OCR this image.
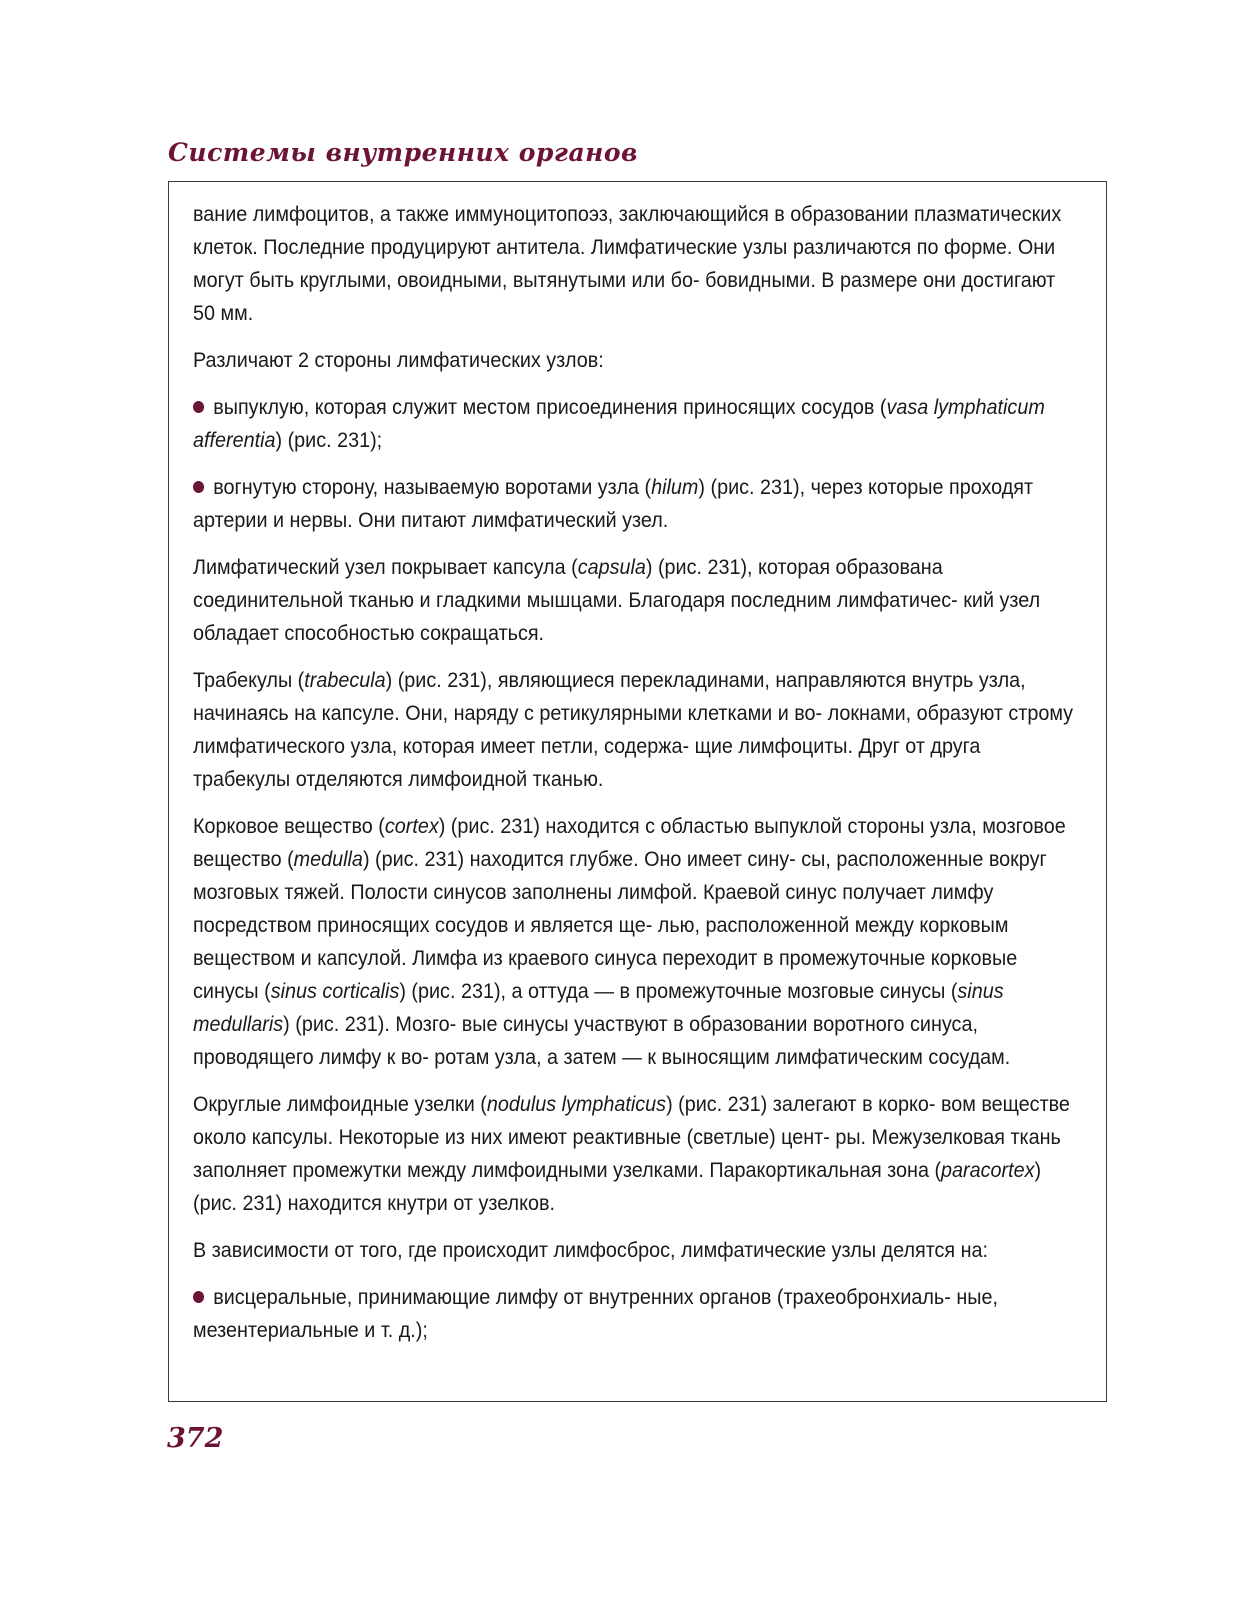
Системы внутренних органов

вание лимфоцитов, а также иммуноцитопоэз, заключающийся в образовании плазматических клеток. Последние продуцируют антитела. Лимфатические узлы различаются по форме. Они могут быть круглыми, овоидными, вытянутыми или бо- бовидными. В размере они достигают 50 мм.

Различают 2 стороны лимфатических узлов:

выпуклую, которая служит местом присоединения приносящих сосудов (vasa lymphaticum afferentia) (рис. 231);

вогнутую сторону, называемую воротами узла (hilum) (рис. 231), через которые проходят артерии и нервы. Они питают лимфатический узел.

Лимфатический узел покрывает капсула (capsula) (рис. 231), которая образована соединительной тканью и гладкими мышцами. Благодаря последним лимфатичес- кий узел обладает способностью сокращаться.

Трабекулы (trabecula) (рис. 231), являющиеся перекладинами, направляются внутрь узла, начинаясь на капсуле. Они, наряду с ретикулярными клетками и во- локнами, образуют строму лимфатического узла, которая имеет петли, содержа- щие лимфоциты. Друг от друга трабекулы отделяются лимфоидной тканью.

Корковое вещество (cortex) (рис. 231) находится с областью выпуклой стороны узла, мозговое вещество (medulla) (рис. 231) находится глубже. Оно имеет сину- сы, расположенные вокруг мозговых тяжей. Полости синусов заполнены лимфой. Краевой синус получает лимфу посредством приносящих сосудов и является ще- лью, расположенной между корковым веществом и капсулой. Лимфа из краевого синуса переходит в промежуточные корковые синусы (sinus corticalis) (рис. 231), а оттуда — в промежуточные мозговые синусы (sinus medullaris) (рис. 231). Мозго- вые синусы участвуют в образовании воротного синуса, проводящего лимфу к во- ротам узла, а затем — к выносящим лимфатическим сосудам.

Округлые лимфоидные узелки (nodulus lymphaticus) (рис. 231) залегают в корко- вом веществе около капсулы. Некоторые из них имеют реактивные (светлые) цент- ры. Межузелковая ткань заполняет промежутки между лимфоидными узелками. Паракортикальная зона (paracortex) (рис. 231) находится кнутри от узелков.

В зависимости от того, где происходит лимфосброс, лимфатические узлы делятся на:

висцеральные, принимающие лимфу от внутренних органов (трахеобронхиаль- ные, мезентериальные и т. д.);

372
